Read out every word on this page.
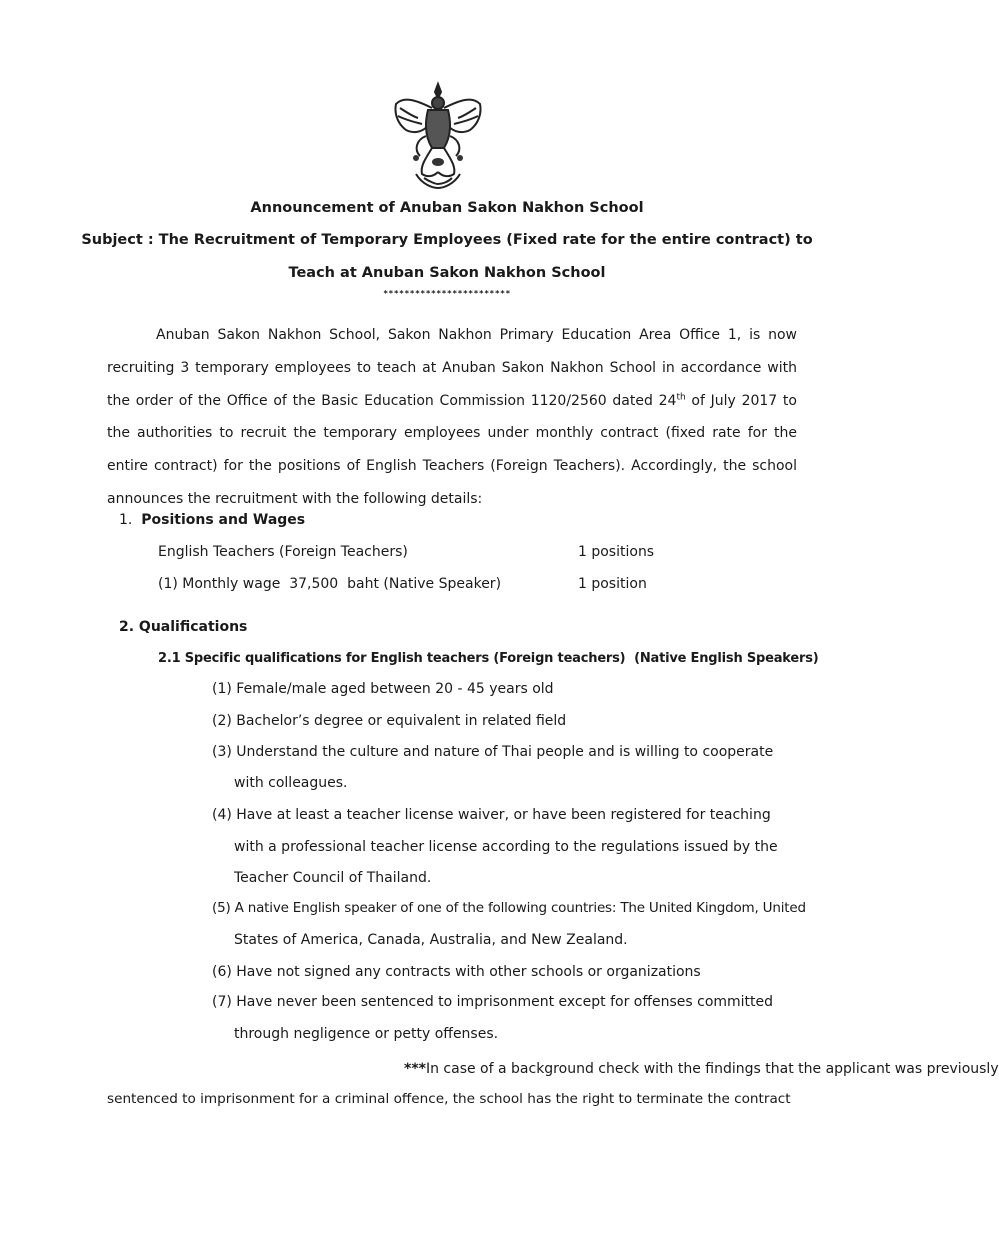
Announcement of Anuban Sakon Nakhon School
Subject : The Recruitment of Temporary Employees (Fixed rate for the entire contract) to
Teach at Anuban Sakon Nakhon School
************************
Anuban Sakon Nakhon School, Sakon Nakhon Primary Education Area Office 1, is now recruiting 3 temporary employees to teach at Anuban Sakon Nakhon School in accordance with the order of the Office of the Basic Education Commission 1120/2560 dated 24th of July 2017 to the authorities to recruit the temporary employees under monthly contract (fixed rate for the entire contract) for the positions of English Teachers (Foreign Teachers). Accordingly, the school announces the recruitment with the following details:
1. Positions and Wages
English Teachers (Foreign Teachers)	1 positions
(1) Monthly wage  37,500  baht (Native Speaker)	1 position
2. Qualifications
2.1 Specific qualifications for English teachers (Foreign teachers)  (Native English Speakers)
(1) Female/male aged between 20 - 45 years old
(2) Bachelor’s degree or equivalent in related field
(3) Understand the culture and nature of Thai people and is willing to cooperate
with colleagues.
(4) Have at least a teacher license waiver, or have been registered for teaching
with a professional teacher license according to the regulations issued by the
Teacher Council of Thailand.
(5) A native English speaker of one of the following countries: The United Kingdom, United
States of America, Canada, Australia, and New Zealand.
(6) Have not signed any contracts with other schools or organizations
(7) Have never been sentenced to imprisonment except for offenses committed
through negligence or petty offenses.
***In case of a background check with the findings that the applicant was previously
sentenced to imprisonment for a criminal offence, the school has the right to terminate the contract
